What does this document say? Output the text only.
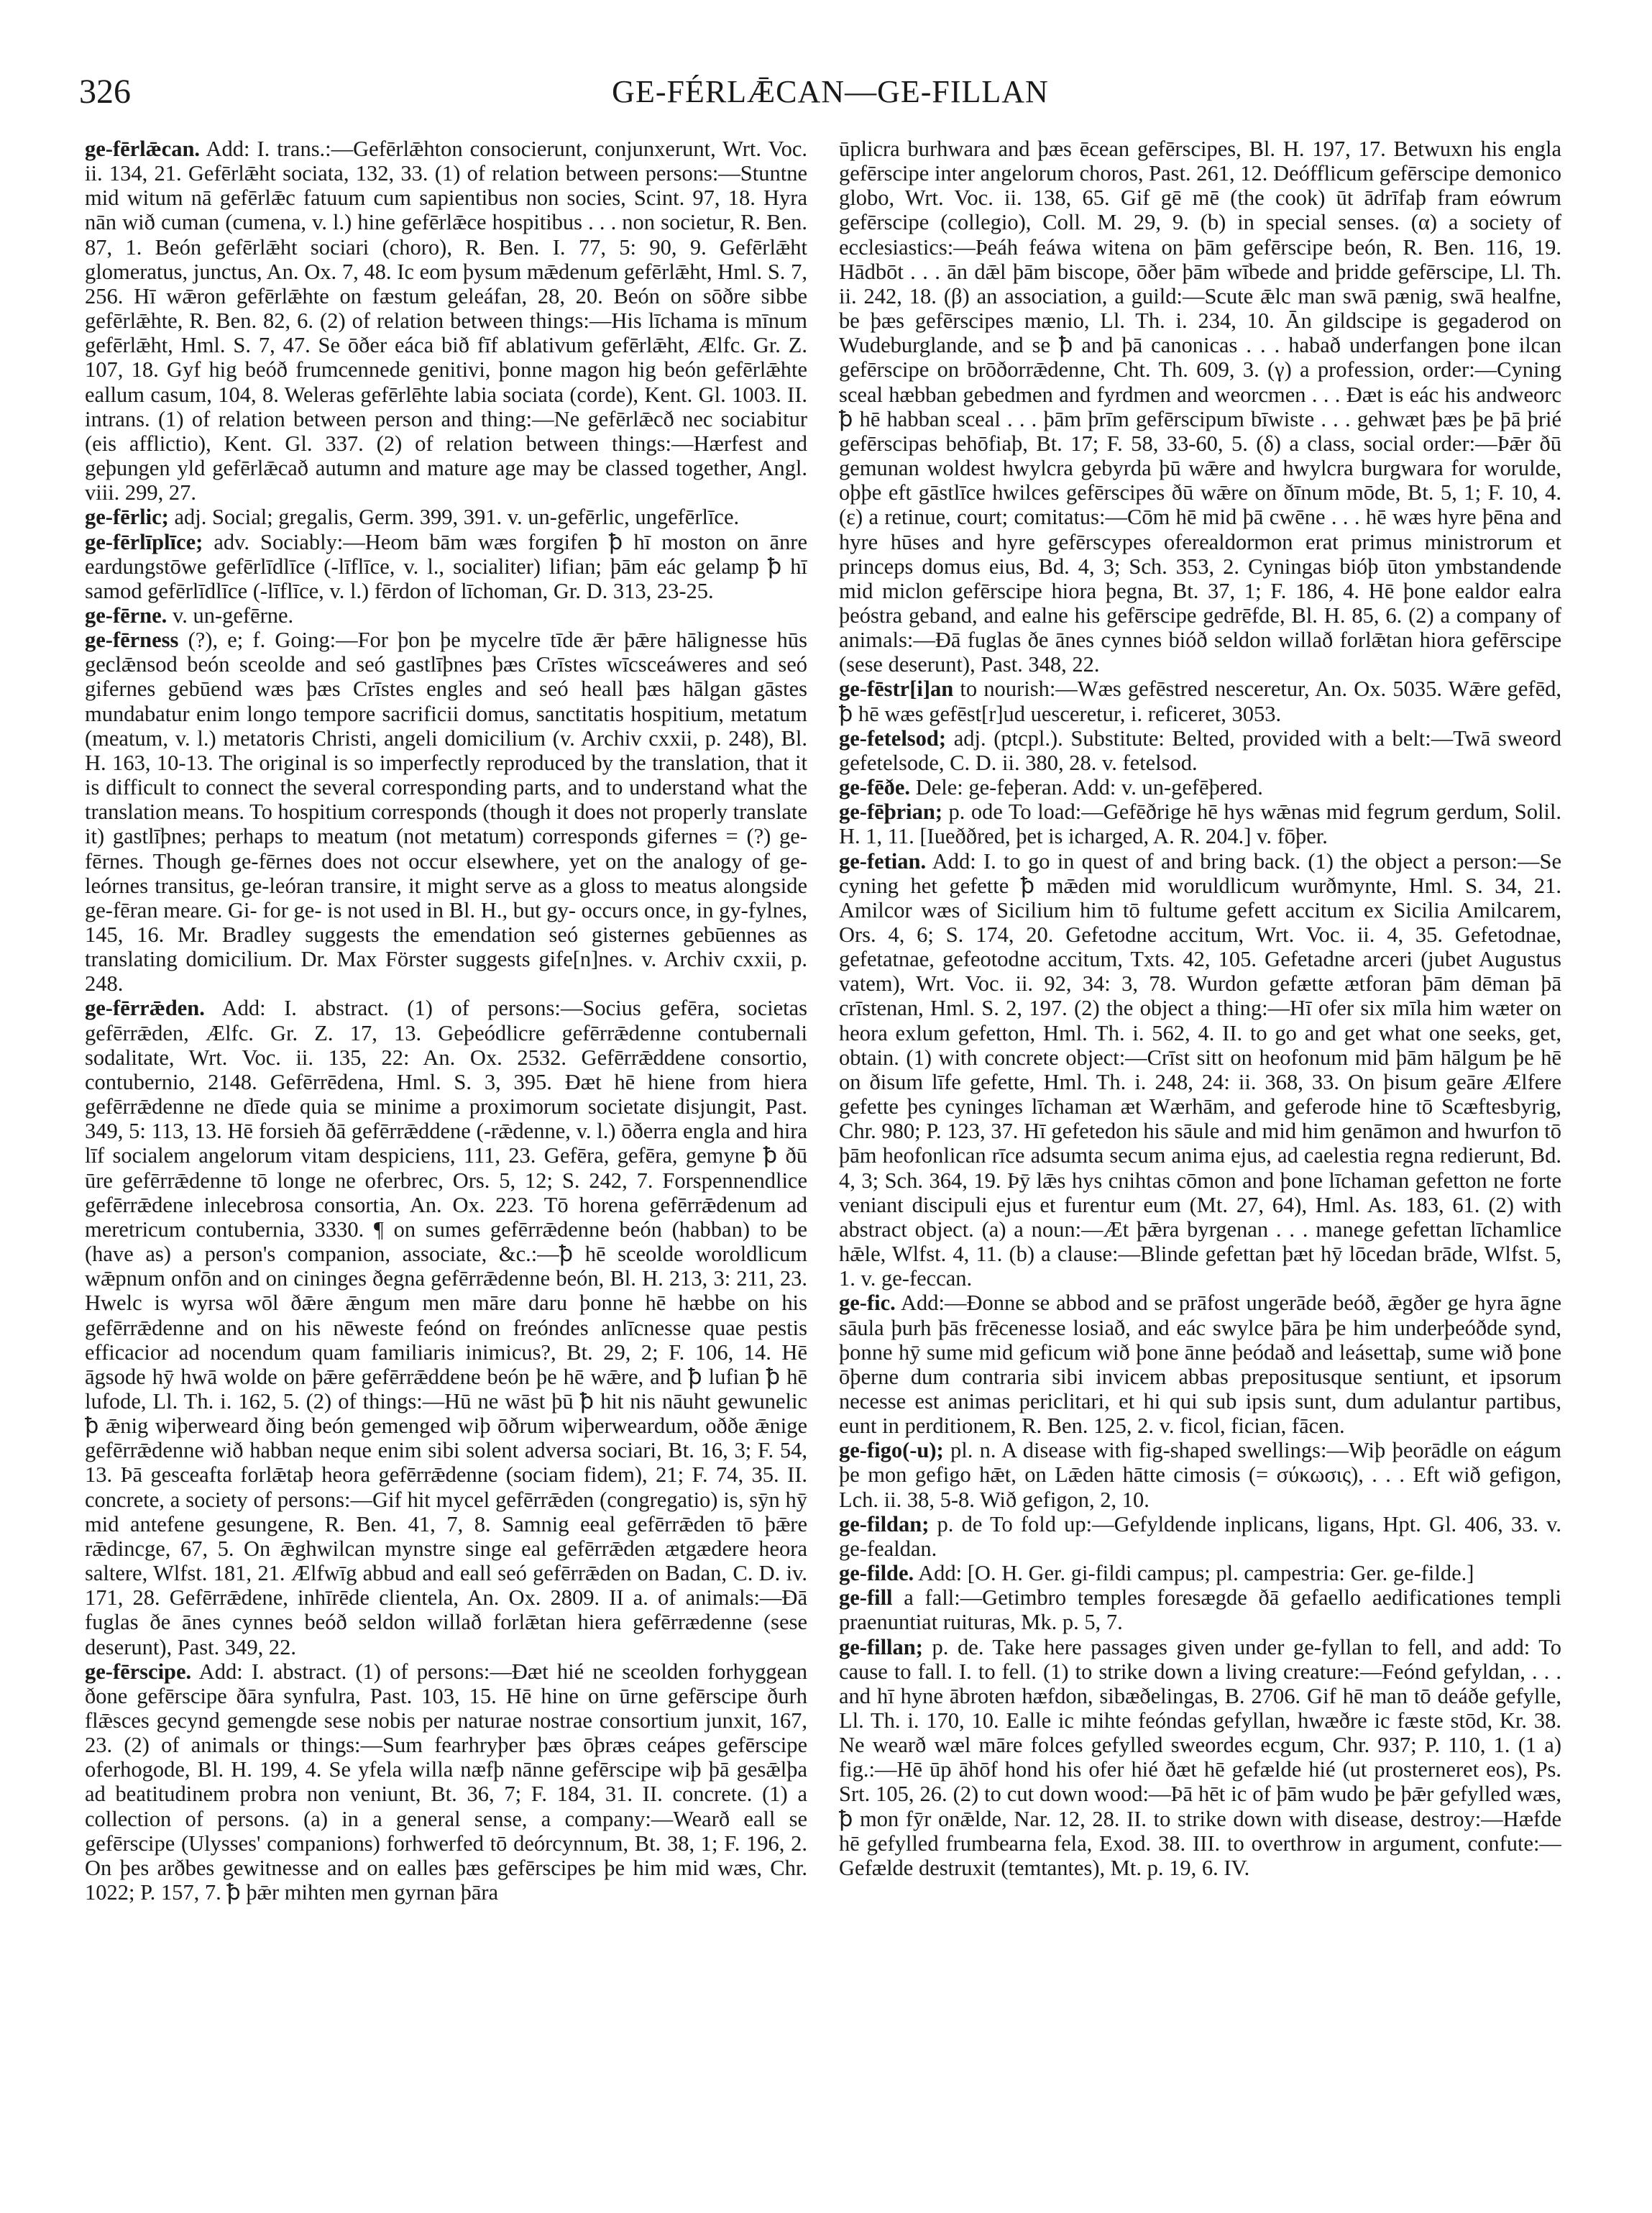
326	GE-FÉRLǢCAN—GE-FILLAN

ge-fērlǣcan. Add: I. trans.:—Gefērlǣhton consocierunt, conjunxerunt, Wrt. Voc. ii. 134, 21. Gefērlǣht sociata, 132, 33. (1) of relation between persons:—Stuntne mid witum nā gefērlǣc fatuum cum sapientibus non socies, Scint. 97, 18. Hyra nān wið cuman (cumena, v. l.) hine gefērlǣce hospitibus . . . non societur, R. Ben. 87, 1. Beón gefērlǣht sociari (choro), R. Ben. I. 77, 5: 90, 9. Gefērlǣht glomeratus, junctus, An. Ox. 7, 48. Ic eom þysum mǣdenum gefērlǣht, Hml. S. 7, 256. Hī wǣron gefērlǣhte on fæstum geleáfan, 28, 20. Beón on sōðre sibbe gefērlǣhte, R. Ben. 82, 6. (2) of relation between things:—His līchama is mīnum gefērlǣht, Hml. S. 7, 47. Se ōðer eáca bið fīf ablativum gefērlǣht, Ælfc. Gr. Z. 107, 18. Gyf hig beóð frumcennede genitivi, þonne magon hig beón gefērlǣhte eallum casum, 104, 8. Weleras gefērlēhte labia sociata (corde), Kent. Gl. 1003. II. intrans. (1) of relation between person and thing:—Ne gefērlǣcð nec sociabitur (eis afflictio), Kent. Gl. 337. (2) of relation between things:—Hærfest and geþungen yld gefērlǣcað autumn and mature age may be classed together, Angl. viii. 299, 27.

ge-fērlic; adj. Social; gregalis, Germ. 399, 391. v. un-gefērlic, ungefērlīce.

ge-fērlīplīce; adv. Sociably:—Heom bām wæs forgifen ꝥ hī moston on ānre eardungstōwe gefērlīdlīce (-līflīce, v. l., socialiter) lifian; þām eác gelamp ꝥ hī samod gefērlīdlīce (-līflīce, v. l.) fērdon of līchoman, Gr. D. 313, 23-25.

ge-fērne. v. un-gefērne.

ge-fērness (?), e; f. Going:—For þon þe mycelre tīde ǣr þǣre hālignesse hūs geclǣnsod beón sceolde and seó gastlīþnes þæs Crīstes wīcsceáweres and seó gifernes gebūend wæs þæs Crīstes engles and seó heall þæs hālgan gāstes mundabatur enim longo tempore sacrificii domus, sanctitatis hospitium, metatum (meatum, v. l.) metatoris Christi, angeli domicilium (v. Archiv cxxii, p. 248), Bl. H. 163, 10-13. The original is so imperfectly reproduced by the translation, that it is difficult to connect the several corresponding parts, and to understand what the translation means. To hospitium corresponds (though it does not properly translate it) gastlīþnes; perhaps to meatum (not metatum) corresponds gifernes = (?) ge-fērnes. Though ge-fērnes does not occur elsewhere, yet on the analogy of ge-leórnes transitus, ge-leóran transire, it might serve as a gloss to meatus alongside ge-fēran meare. Gi- for ge- is not used in Bl. H., but gy- occurs once, in gy-fylnes, 145, 16. Mr. Bradley suggests the emendation seó gisternes gebūennes as translating domicilium. Dr. Max Förster suggests gife[n]nes. v. Archiv cxxii, p. 248.

ge-fērrǣden. Add: I. abstract. (1) of persons:—Socius gefēra, societas gefērrǣden, Ælfc. Gr. Z. 17, 13. Geþeódlicre gefērrǣdenne contubernali sodalitate, Wrt. Voc. ii. 135, 22: An. Ox. 2532. Gefērrǣddene consortio, contubernio, 2148. Gefērrēdena, Hml. S. 3, 395. Ðæt hē hiene from hiera gefērrǣdenne ne dīede quia se minime a proximorum societate disjungit, Past. 349, 5: 113, 13. Hē forsieh ðā gefērrǣddene (-rǣdenne, v. l.) ōðerra engla and hira līf socialem angelorum vitam despiciens, 111, 23. Gefēra, gefēra, gemyne ꝥ ðū ūre gefērrǣdenne tō longe ne oferbrec, Ors. 5, 12; S. 242, 7. Forspennendlice gefērrǣdene inlecebrosa consortia, An. Ox. 223. Tō horena gefērrǣdenum ad meretricum contubernia, 3330. ¶ on sumes gefērrǣdenne beón (habban) to be (have as) a person's companion, associate, &c.:—ꝥ hē sceolde woroldlicum wǣpnum onfōn and on cininges ðegna gefērrǣdenne beón, Bl. H. 213, 3: 211, 23. Hwelc is wyrsa wōl ðǣre ǣngum men māre daru þonne hē hæbbe on his gefērrǣdenne and on his nēweste feónd on freóndes anlīcnesse quae pestis efficacior ad nocendum quam familiaris inimicus?, Bt. 29, 2; F. 106, 14. Hē āgsode hȳ hwā wolde on þǣre gefērrǣddene beón þe hē wǣre, and ꝥ lufian ꝥ hē lufode, Ll. Th. i. 162, 5. (2) of things:—Hū ne wāst þū ꝥ hit nis nāuht gewunelic ꝥ ǣnig wiþerweard ðing beón gemenged wiþ ōðrum wiþerweardum, oððe ǣnige gefērrǣdenne wið habban neque enim sibi solent adversa sociari, Bt. 16, 3; F. 54, 13. Þā gesceafta forlǣtaþ heora gefērrǣdenne (sociam fidem), 21; F. 74, 35. II. concrete, a society of persons:—Gif hit mycel gefērrǣden (congregatio) is, sȳn hȳ mid antefene gesungene, R. Ben. 41, 7, 8. Samnig eeal gefērrǣden tō þǣre rǣdincge, 67, 5. On ǣghwilcan mynstre singe eal gefērrǣden ætgædere heora saltere, Wlfst. 181, 21. Ælfwīg abbud and eall seó gefērrǣden on Badan, C. D. iv. 171, 28. Gefērrǣdene, inhīrēde clientela, An. Ox. 2809. II a. of animals:—Ðā fuglas ðe ānes cynnes beóð seldon willað forlǣtan hiera gefērrædenne (sese deserunt), Past. 349, 22.

ge-fērscipe. Add: I. abstract. (1) of persons:—Ðæt hié ne sceolden forhyggean ðone gefērscipe ðāra synfulra, Past. 103, 15. Hē hine on ūrne gefērscipe ðurh flǣsces gecynd gemengde sese nobis per naturae nostrae consortium junxit, 167, 23. (2) of animals or things:—Sum fearhryþer þæs ōþræs ceápes gefērscipe oferhogode, Bl. H. 199, 4. Se yfela willa næfþ nānne gefērscipe wiþ þā gesǣlþa ad beatitudinem probra non veniunt, Bt. 36, 7; F. 184, 31. II. concrete. (1) a collection of persons. (a) in a general sense, a company:—Wearð eall se gefērscipe (Ulysses' companions) forhwerfed tō deórcynnum, Bt. 38, 1; F. 196, 2. On þes arðbes gewitnesse and on ealles þæs gefērscipes þe him mid wæs, Chr. 1022; P. 157, 7. ꝥ þǣr mihten men gyrnan þāra

ūplicra burhwara and þæs ēcean gefērscipes, Bl. H. 197, 17. Betwuxn his engla gefērscipe inter angelorum choros, Past. 261, 12. Deófflicum gefērscipe demonico globo, Wrt. Voc. ii. 138, 65. Gif gē mē (the cook) ūt ādrīfaþ fram eówrum gefērscipe (collegio), Coll. M. 29, 9. (b) in special senses. (α) a society of ecclesiastics:—Þeáh feáwa witena on þām gefērscipe beón, R. Ben. 116, 19. Hādbōt . . . ān dǣl þām biscope, ōðer þām wībede and þridde gefērscipe, Ll. Th. ii. 242, 18. (β) an association, a guild:—Scute ǣlc man swā pænig, swā healfne, be þæs gefērscipes mænio, Ll. Th. i. 234, 10. Ān gildscipe is gegaderod on Wudeburglande, and se ꝥ and þā canonicas . . . habað underfangen þone ilcan gefērscipe on brōðorrǣdenne, Cht. Th. 609, 3. (γ) a profession, order:—Cyning sceal hæbban gebedmen and fyrdmen and weorcmen . . . Ðæt is eác his andweorc ꝥ hē habban sceal . . . þām þrīm gefērscipum bīwiste . . . gehwæt þæs þe þā þrié gefērscipas behōfiaþ, Bt. 17; F. 58, 33-60, 5. (δ) a class, social order:—Þǣr ðū gemunan woldest hwylcra gebyrda þū wǣre and hwylcra burgwara for worulde, oþþe eft gāstlīce hwilces gefērscipes ðū wǣre on ðīnum mōde, Bt. 5, 1; F. 10, 4. (ε) a retinue, court; comitatus:—Cōm hē mid þā cwēne . . . hē wæs hyre þēna and hyre hūses and hyre gefērscypes oferealdormon erat primus ministrorum et princeps domus eius, Bd. 4, 3; Sch. 353, 2. Cyningas bióþ ūton ymbstandende mid miclon gefērscipe hiora þegna, Bt. 37, 1; F. 186, 4. Hē þone ealdor ealra þeóstra geband, and ealne his gefērscipe gedrēfde, Bl. H. 85, 6. (2) a company of animals:—Ðā fuglas ðe ānes cynnes bióð seldon willað forlǣtan hiora gefērscipe (sese deserunt), Past. 348, 22.

ge-fēstr[i]an to nourish:—Wæs gefēstred nesceretur, An. Ox. 5035. Wǣre gefēd, ꝥ hē wæs gefēst[r]ud uesceretur, i. reficeret, 3053.

ge-fetelsod; adj. (ptcpl.). Substitute: Belted, provided with a belt:—Twā sweord gefetelsode, C. D. ii. 380, 28. v. fetelsod.

ge-fēðe. Dele: ge-feþeran. Add: v. un-gefēþered.

ge-fēþrian; p. ode To load:—Gefēðrige hē hys wǣnas mid fegrum gerdum, Solil. H. 1, 11. [Iueððred, þet is icharged, A. R. 204.] v. fōþer.

ge-fetian. Add: I. to go in quest of and bring back. (1) the object a person:—Se cyning het gefette ꝥ mǣden mid woruldlicum wurðmynte, Hml. S. 34, 21. Amilcor wæs of Sicilium him tō fultume gefett accitum ex Sicilia Amilcarem, Ors. 4, 6; S. 174, 20. Gefetodne accitum, Wrt. Voc. ii. 4, 35. Gefetodnae, gefetatnae, gefeotodne accitum, Txts. 42, 105. Gefetadne arceri (jubet Augustus vatem), Wrt. Voc. ii. 92, 34: 3, 78. Wurdon gefætte ætforan þām dēman þā crīstenan, Hml. S. 2, 197. (2) the object a thing:—Hī ofer six mīla him wæter on heora exlum gefetton, Hml. Th. i. 562, 4. II. to go and get what one seeks, get, obtain. (1) with concrete object:—Crīst sitt on heofonum mid þām hālgum þe hē on ðisum līfe gefette, Hml. Th. i. 248, 24: ii. 368, 33. On þisum geāre Ælfere gefette þes cyninges līchaman æt Wærhām, and geferode hine tō Scæftesbyrig, Chr. 980; P. 123, 37. Hī gefetedon his sāule and mid him genāmon and hwurfon tō þām heofonlican rīce adsumta secum anima ejus, ad caelestia regna redierunt, Bd. 4, 3; Sch. 364, 19. Þȳ lǣs hys cnihtas cōmon and þone līchaman gefetton ne forte veniant discipuli ejus et furentur eum (Mt. 27, 64), Hml. As. 183, 61. (2) with abstract object. (a) a noun:—Æt þǣra byrgenan . . . manege gefettan līchamlice hǣle, Wlfst. 4, 11. (b) a clause:—Blinde gefettan þæt hȳ lōcedan brāde, Wlfst. 5, 1. v. ge-feccan.

ge-fic. Add:—Ðonne se abbod and se prāfost ungerāde beóð, ǣgðer ge hyra āgne sāula þurh þās frēcenesse losiað, and eác swylce þāra þe him underþeóðde synd, þonne hȳ sume mid geficum wið þone ānne þeódað and leásettaþ, sume wið þone ōþerne dum contraria sibi invicem abbas prepositusque sentiunt, et ipsorum necesse est animas periclitari, et hi qui sub ipsis sunt, dum adulantur partibus, eunt in perditionem, R. Ben. 125, 2. v. ficol, fician, fācen.

ge-figo(-u); pl. n. A disease with fig-shaped swellings:—Wiþ þeorādle on eágum þe mon gefigo hǣt, on Lǣden hātte cimosis (= σύκωσις), . . . Eft wið gefigon, Lch. ii. 38, 5-8. Wið gefigon, 2, 10.

ge-fildan; p. de To fold up:—Gefyldende inplicans, ligans, Hpt. Gl. 406, 33. v. ge-fealdan.

ge-filde. Add: [O. H. Ger. gi-fildi campus; pl. campestria: Ger. ge-filde.]

ge-fill a fall:—Getimbro temples foresægde ðā gefaello aedificationes templi praenuntiat ruituras, Mk. p. 5, 7.

ge-fillan; p. de. Take here passages given under ge-fyllan to fell, and add: To cause to fall. I. to fell. (1) to strike down a living creature:—Feónd gefyldan, . . . and hī hyne ābroten hæfdon, sibæðelingas, B. 2706. Gif hē man tō deáðe gefylle, Ll. Th. i. 170, 10. Ealle ic mihte feóndas gefyllan, hwæðre ic fæste stōd, Kr. 38. Ne wearð wæl māre folces gefylled sweordes ecgum, Chr. 937; P. 110, 1. (1 a) fig.:—Hē ūp āhōf hond his ofer hié ðæt hē gefælde hié (ut prosterneret eos), Ps. Srt. 105, 26. (2) to cut down wood:—Þā hēt ic of þām wudo þe þǣr gefylled wæs, ꝥ mon fȳr onǣlde, Nar. 12, 28. II. to strike down with disease, destroy:—Hæfde hē gefylled frumbearna fela, Exod. 38. III. to overthrow in argument, confute:—Gefælde destruxit (temtantes), Mt. p. 19, 6. IV.
